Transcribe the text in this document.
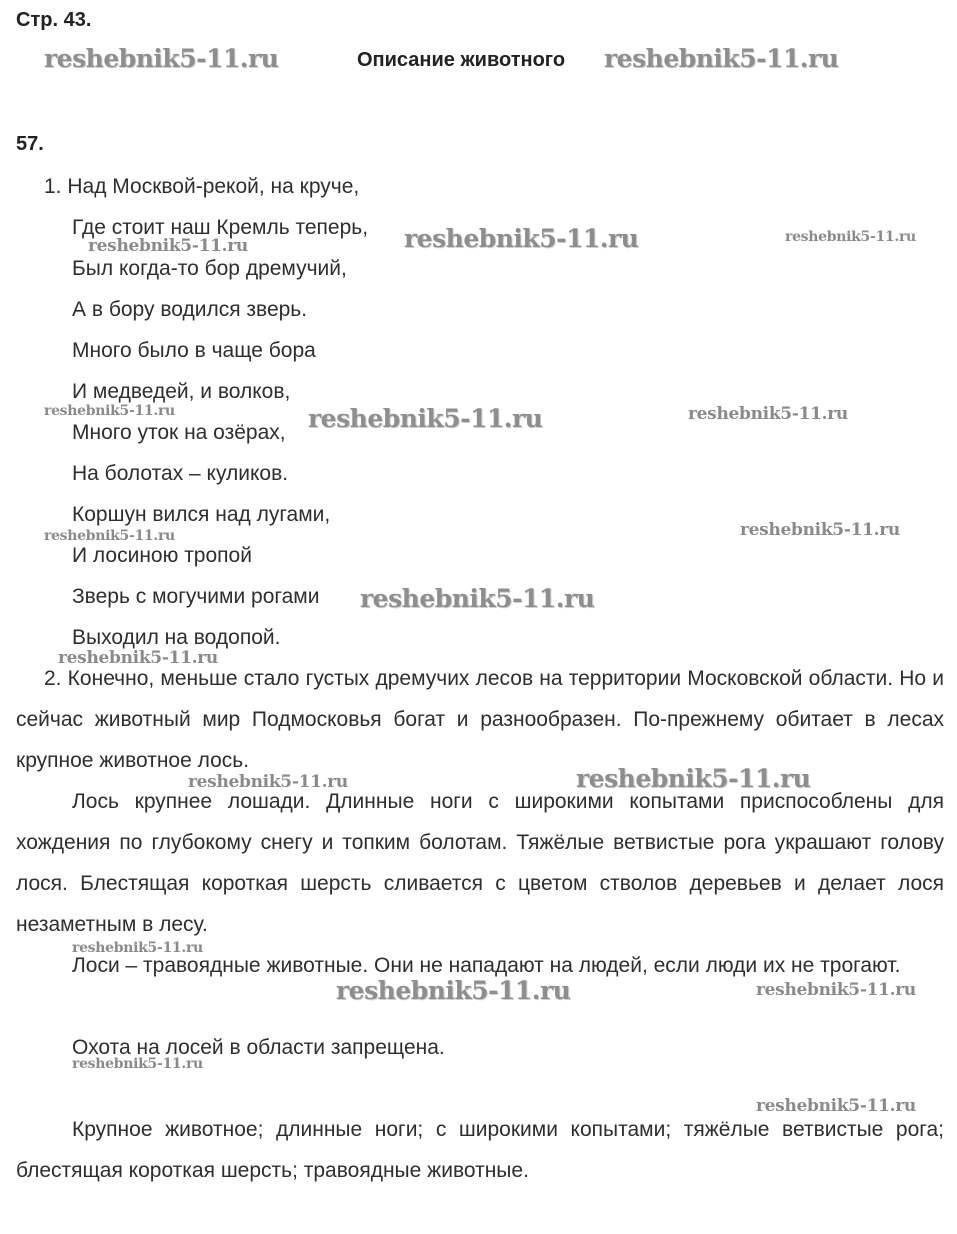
Стр. 43.
Описание животного
57.
1. Над Москвой-рекой, на круче,
Где стоит наш Кремль теперь,
Был когда-то бор дремучий,
А в бору водился зверь.
Много было в чаще бора
И медведей, и волков,
Много уток на озёрах,
На болотах – куликов.
Коршун вился над лугами,
И лосиною тропой
Зверь с могучими рогами
Выходил на водопой.
2. Конечно, меньше стало густых дремучих лесов на территории Московской области. Но и сейчас животный мир Подмосковья богат и разнообразен. По-прежнему обитает в лесах крупное животное лось.
Лось крупнее лошади. Длинные ноги с широкими копытами приспособлены для хождения по глубокому снегу и топким болотам. Тяжёлые ветвистые рога украшают голову лося. Блестящая короткая шерсть сливается с цветом стволов деревьев и делает лося незаметным в лесу.
Лоси – травоядные животные. Они не нападают на людей, если люди их не трогают.
Охота на лосей в области запрещена.
Крупное животное; длинные ноги; с широкими копытами; тяжёлые ветвистые рога; блестящая короткая шерсть; травоядные животные.
reshebnik5-11.ru	reshebnik5-11.ru
reshebnik5-11.ru
reshebnik5-11.ru	reshebnik5-11.ru
reshebnik5-11.ru	reshebnik5-11.ru	reshebnik5-11.ru
reshebnik5-11.ru
reshebnik5-11.ru
reshebnik5-11.ru
reshebnik5-11.ru
reshebnik5-11.ru	reshebnik5-11.ru
reshebnik5-11.ru
reshebnik5-11.ru	reshebnik5-11.ru
reshebnik5-11.ru
reshebnik5-11.ru
